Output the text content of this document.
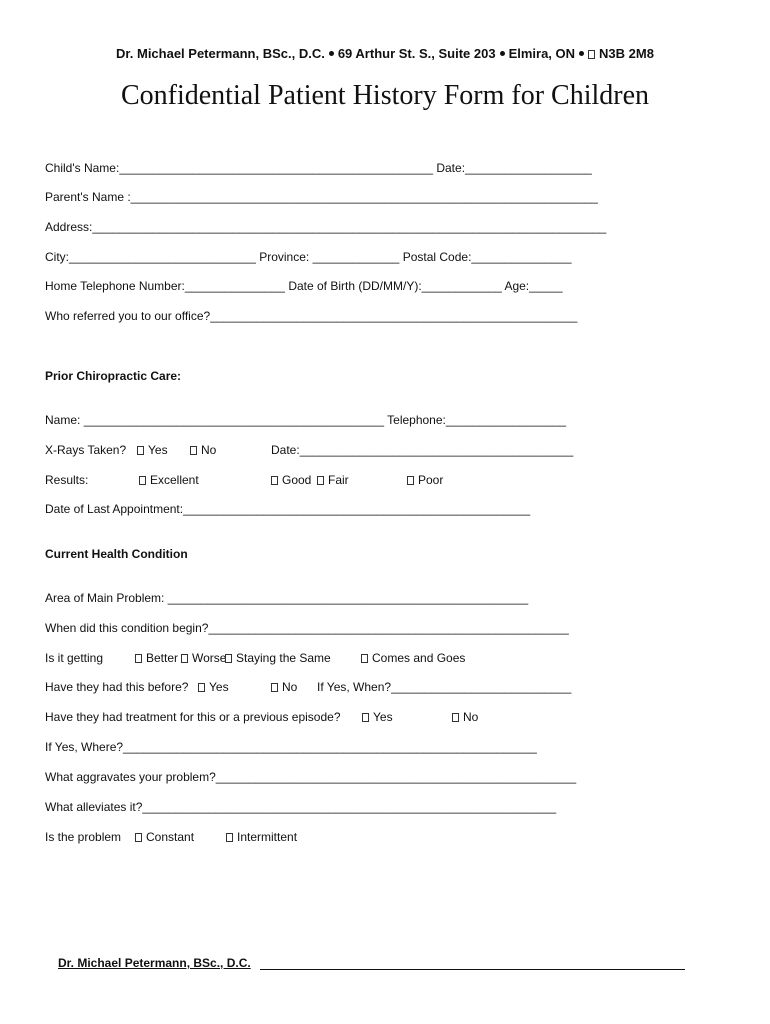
Dr. Michael Petermann, BSc., D.C. 69 Arthur St. S., Suite 203 Elmira, ON N3B 2M8
Confidential Patient History Form for Children
Child's Name:_______________________________________________ Date:___________________
Parent's Name :______________________________________________________________________
Address:_____________________________________________________________________________
City:____________________________ Province: _____________ Postal Code:_______________
Home Telephone Number:_______________ Date of Birth (DD/MM/Y):____________ Age:_____
Who referred you to our office?_______________________________________________________
Prior Chiropractic Care:
Name: _____________________________________________ Telephone:__________________
X-Rays Taken?	Yes	No	Date:_________________________________________
Results:	Excellent	Good	Fair	Poor
Date of Last Appointment:____________________________________________________
Current Health Condition
Area of Main Problem: ______________________________________________________
When did this condition begin?______________________________________________________
Is it getting	Better	Worse Staying the Same	Comes and Goes
Have they had this before?	Yes	No If Yes, When?___________________________
Have they had treatment for this or a previous episode?	Yes	No
If Yes, Where?______________________________________________________________
What aggravates your problem?______________________________________________________
What alleviates it?______________________________________________________________
Is the problem	Constant	Intermittent
Dr. Michael Petermann, BSc., D.C.
